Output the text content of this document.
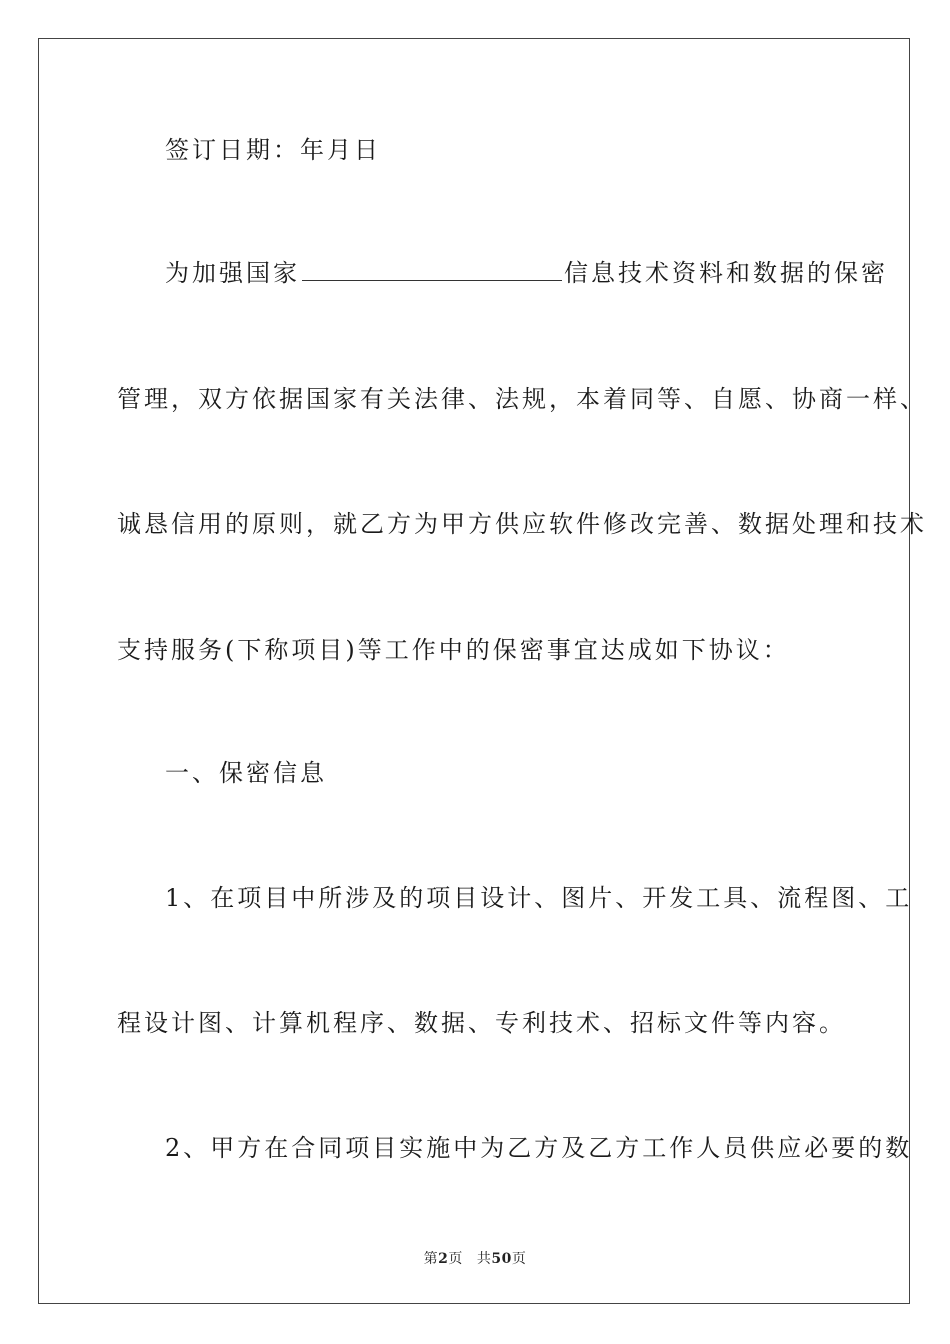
签订日期：年月日
为加强国家	信息技术资料和数据的保密
管理，双方依据国家有关法律、法规，本着同等、自愿、协商一样、
诚恳信用的原则，就乙方为甲方供应软件修改完善、数据处理和技术
支持服务(下称项目)等工作中的保密事宜达成如下协议：
一、保密信息
1、在项目中所涉及的项目设计、图片、开发工具、流程图、工
程设计图、计算机程序、数据、专利技术、招标文件等内容。
2、甲方在合同项目实施中为乙方及乙方工作人员供应必要的数
第2页 共50页
